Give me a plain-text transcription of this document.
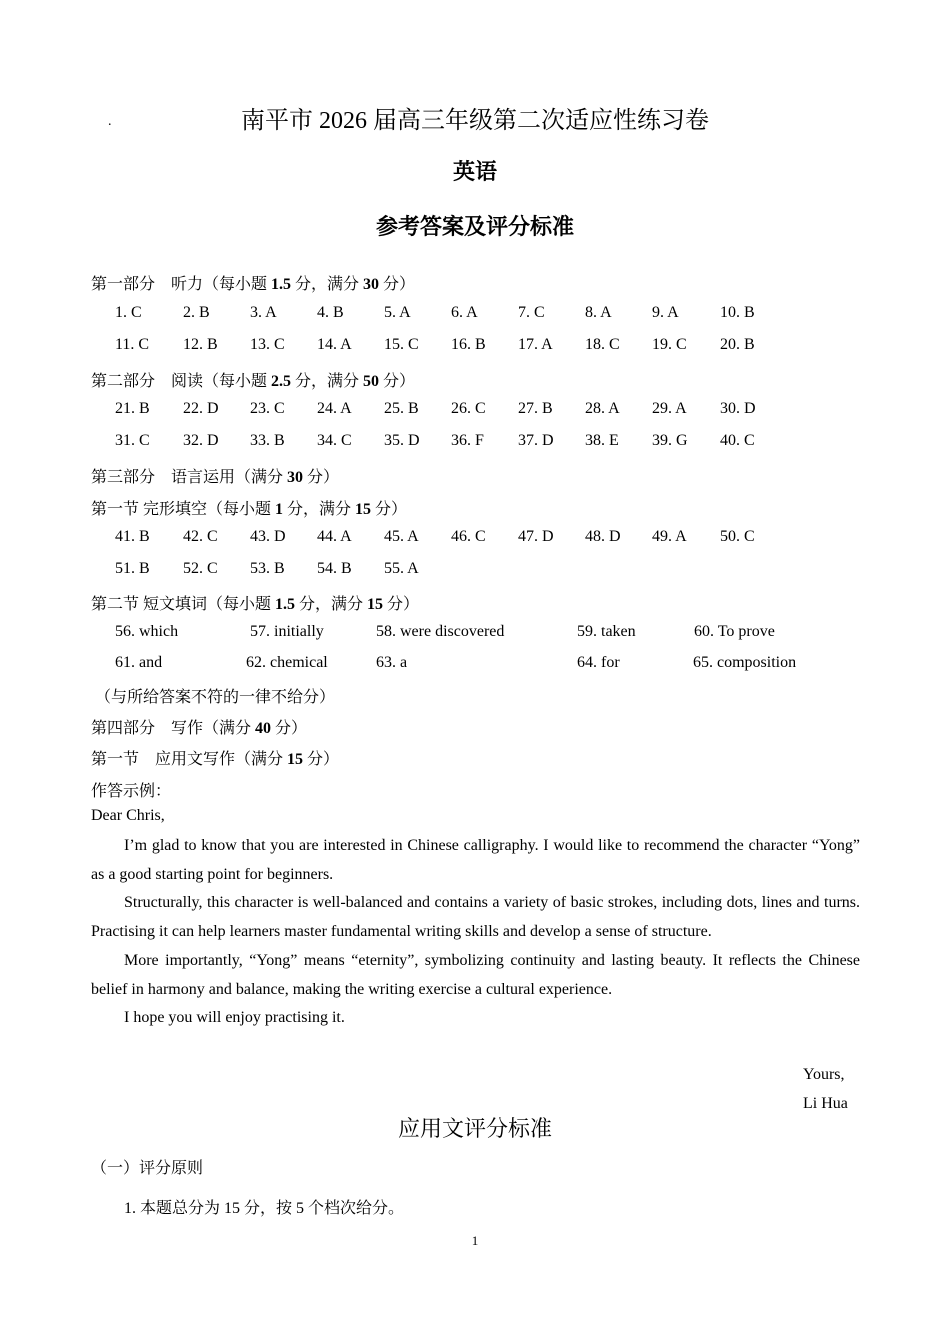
.	南平市 2026 届高三年级第二次适应性练习卷
英语
参考答案及评分标准
第一部分　听力（每小题 1.5 分，满分 30 分）
1. C	2. B	3. A	4. B	5. A	6. A	7. C	8. A	9. A	10. B
11. C 12. B 13. C 14. A 15. C 16. B 17. A 18. C 19. C 20. B
第二部分　阅读（每小题 2.5 分，满分 50 分）
21. B 22. D 23. C 24. A 25. B 26. C 27. B 28. A 29. A 30. D
31. C 32. D 33. B 34. C 35. D 36. F 37. D 38. E 39. G 40. C
第三部分　语言运用（满分 30 分）
第一节 完形填空（每小题 1 分，满分 15 分）
41. B 42. C 43. D 44. A 45. A 46. C 47. D 48. D 49. A 50. C
51. B 52. C 53. B 54. B 55. A
第二节 短文填词（每小题 1.5 分，满分 15 分）
56. which	57. initially	58. were discovered	59. taken	60. To prove
61. and	62. chemical	63. a	64. for	65. composition
（与所给答案不符的一律不给分）
第四部分　写作（满分 40 分）
第一节　应用文写作（满分 15 分）
作答示例：
Dear Chris,
I’m glad to know that you are interested in Chinese calligraphy. I would like to recommend the character “Yong” as a good starting point for beginners.
Structurally, this character is well-balanced and contains a variety of basic strokes, including dots, lines and turns. Practising it can help learners master fundamental writing skills and develop a sense of structure.
More importantly, “Yong” means “eternity”, symbolizing continuity and lasting beauty. It reflects the Chinese belief in harmony and balance, making the writing exercise a cultural experience.
I hope you will enjoy practising it.
Yours,
Li Hua
应用文评分标准
（一）评分原则
1. 本题总分为 15 分，按 5 个档次给分。
1
